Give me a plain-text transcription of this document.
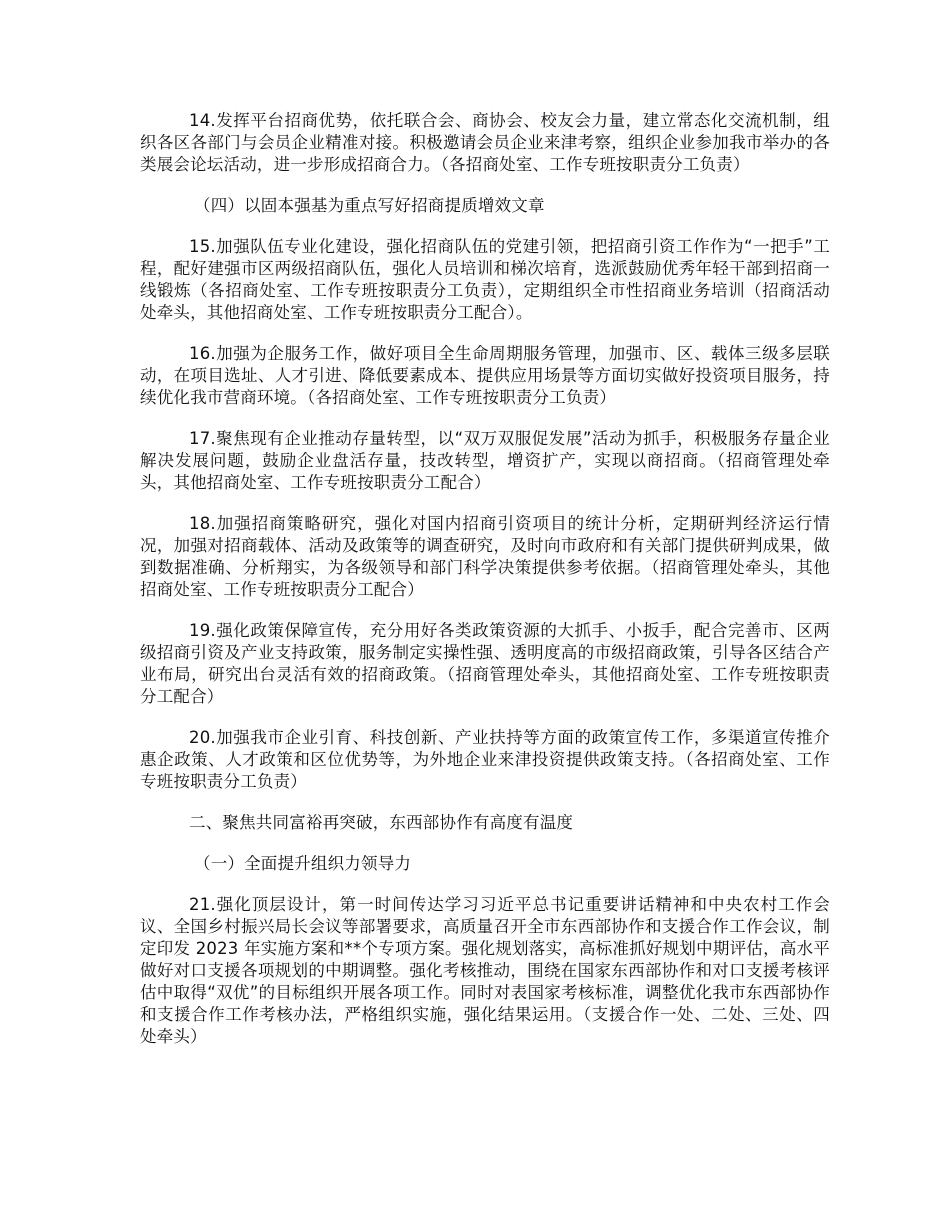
14.发挥平台招商优势，依托联合会、商协会、校友会力量，建立常态化交流机制，组织各区各部门与会员企业精准对接。积极邀请会员企业来津考察，组织企业参加我市举办的各类展会论坛活动，进一步形成招商合力。（各招商处室、工作专班按职责分工负责）

（四）以固本强基为重点写好招商提质增效文章

15.加强队伍专业化建设，强化招商队伍的党建引领，把招商引资工作作为“一把手”工程，配好建强市区两级招商队伍，强化人员培训和梯次培育，选派鼓励优秀年轻干部到招商一线锻炼（各招商处室、工作专班按职责分工负责），定期组织全市性招商业务培训（招商活动处牵头，其他招商处室、工作专班按职责分工配合）。

16.加强为企服务工作，做好项目全生命周期服务管理，加强市、区、载体三级多层联动，在项目选址、人才引进、降低要素成本、提供应用场景等方面切实做好投资项目服务，持续优化我市营商环境。（各招商处室、工作专班按职责分工负责）

17.聚焦现有企业推动存量转型，以“双万双服促发展”活动为抓手，积极服务存量企业解决发展问题，鼓励企业盘活存量，技改转型，增资扩产，实现以商招商。（招商管理处牵头，其他招商处室、工作专班按职责分工配合）

18.加强招商策略研究，强化对国内招商引资项目的统计分析，定期研判经济运行情况，加强对招商载体、活动及政策等的调查研究，及时向市政府和有关部门提供研判成果，做到数据准确、分析翔实，为各级领导和部门科学决策提供参考依据。（招商管理处牵头，其他招商处室、工作专班按职责分工配合）

19.强化政策保障宣传，充分用好各类政策资源的大抓手、小扳手，配合完善市、区两级招商引资及产业支持政策，服务制定实操性强、透明度高的市级招商政策，引导各区结合产业布局，研究出台灵活有效的招商政策。（招商管理处牵头，其他招商处室、工作专班按职责分工配合）

20.加强我市企业引育、科技创新、产业扶持等方面的政策宣传工作，多渠道宣传推介惠企政策、人才政策和区位优势等，为外地企业来津投资提供政策支持。（各招商处室、工作专班按职责分工负责）

二、聚焦共同富裕再突破，东西部协作有高度有温度

（一）全面提升组织力领导力

21.强化顶层设计，第一时间传达学习习近平总书记重要讲话精神和中央农村工作会议、全国乡村振兴局长会议等部署要求，高质量召开全市东西部协作和支援合作工作会议，制定印发 2023 年实施方案和**个专项方案。强化规划落实，高标准抓好规划中期评估，高水平做好对口支援各项规划的中期调整。强化考核推动，围绕在国家东西部协作和对口支援考核评估中取得“双优”的目标组织开展各项工作。同时对表国家考核标准，调整优化我市东西部协作和支援合作工作考核办法，严格组织实施，强化结果运用。（支援合作一处、二处、三处、四处牵头）
